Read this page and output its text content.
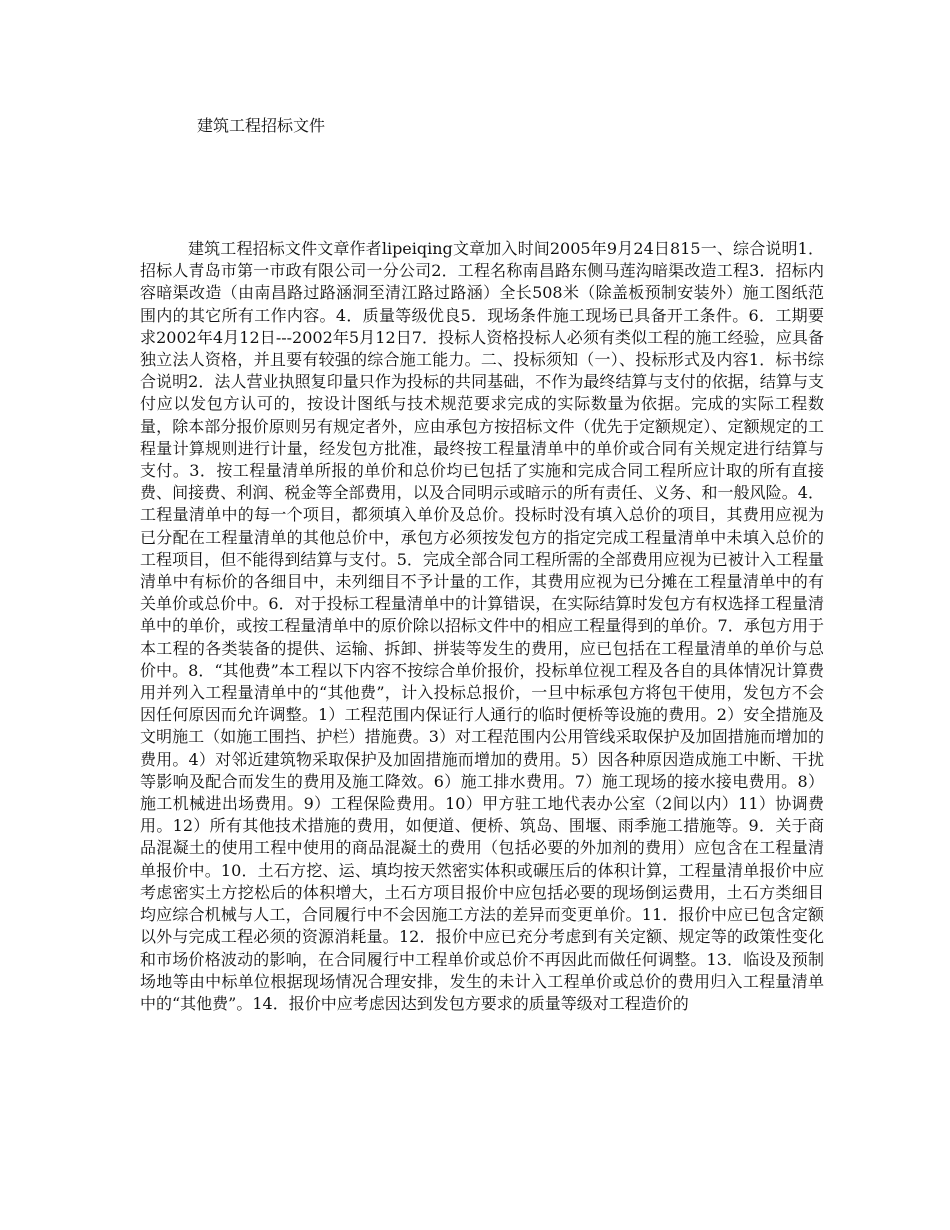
建筑工程招标文件

建筑工程招标文件文章作者lipeiqing文章加入时间2005年9月24日815一、综合说明1．招标人青岛市第一市政有限公司一分公司2．工程名称南昌路东侧马莲沟暗渠改造工程3．招标内容暗渠改造（由南昌路过路涵洞至清江路过路涵）全长508米（除盖板预制安装外）施工图纸范围内的其它所有工作内容。4．质量等级优良5．现场条件施工现场已具备开工条件。6．工期要求2002年4月12日---2002年5月12日7．投标人资格投标人必须有类似工程的施工经验，应具备独立法人资格，并且要有较强的综合施工能力。二、投标须知（一）、投标形式及内容1．标书综合说明2．法人营业执照复印量只作为投标的共同基础，不作为最终结算与支付的依据，结算与支付应以发包方认可的，按设计图纸与技术规范要求完成的实际数量为依据。完成的实际工程数量，除本部分报价原则另有规定者外，应由承包方按招标文件（优先于定额规定）、定额规定的工程量计算规则进行计量，经发包方批准，最终按工程量清单中的单价或合同有关规定进行结算与支付。3．按工程量清单所报的单价和总价均已包括了实施和完成合同工程所应计取的所有直接费、间接费、利润、税金等全部费用，以及合同明示或暗示的所有责任、义务、和一般风险。4．工程量清单中的每一个项目，都须填入单价及总价。投标时没有填入总价的项目，其费用应视为已分配在工程量清单的其他总价中，承包方必须按发包方的指定完成工程量清单中未填入总价的工程项目，但不能得到结算与支付。5．完成全部合同工程所需的全部费用应视为已被计入工程量清单中有标价的各细目中，未列细目不予计量的工作，其费用应视为已分摊在工程量清单中的有关单价或总价中。6．对于投标工程量清单中的计算错误，在实际结算时发包方有权选择工程量清单中的单价，或按工程量清单中的原价除以招标文件中的相应工程量得到的单价。7．承包方用于本工程的各类装备的提供、运输、拆卸、拼装等发生的费用，应已包括在工程量清单的单价与总价中。8．“其他费”本工程以下内容不按综合单价报价，投标单位视工程及各自的具体情况计算费用并列入工程量清单中的“其他费”，计入投标总报价，一旦中标承包方将包干使用，发包方不会因任何原因而允许调整。1）工程范围内保证行人通行的临时便桥等设施的费用。2）安全措施及文明施工（如施工围挡、护栏）措施费。3）对工程范围内公用管线采取保护及加固措施而增加的费用。4）对邻近建筑物采取保护及加固措施而增加的费用。5）因各种原因造成施工中断、干扰等影响及配合而发生的费用及施工降效。6）施工排水费用。7）施工现场的接水接电费用。8）施工机械进出场费用。9）工程保险费用。10）甲方驻工地代表办公室（2间以内）11）协调费用。12）所有其他技术措施的费用，如便道、便桥、筑岛、围堰、雨季施工措施等。9．关于商品混凝土的使用工程中使用的商品混凝土的费用（包括必要的外加剂的费用）应包含在工程量清单报价中。10．土石方挖、运、填均按天然密实体积或碾压后的体积计算，工程量清单报价中应考虑密实土方挖松后的体积增大，土石方项目报价中应包括必要的现场倒运费用，土石方类细目均应综合机械与人工，合同履行中不会因施工方法的差异而变更单价。11．报价中应已包含定额以外与完成工程必须的资源消耗量。12．报价中应已充分考虑到有关定额、规定等的政策性变化和市场价格波动的影响，在合同履行中工程单价或总价不再因此而做任何调整。13．临设及预制场地等由中标单位根据现场情况合理安排，发生的未计入工程单价或总价的费用归入工程量清单中的“其他费”。14．报价中应考虑因达到发包方要求的质量等级对工程造价的
